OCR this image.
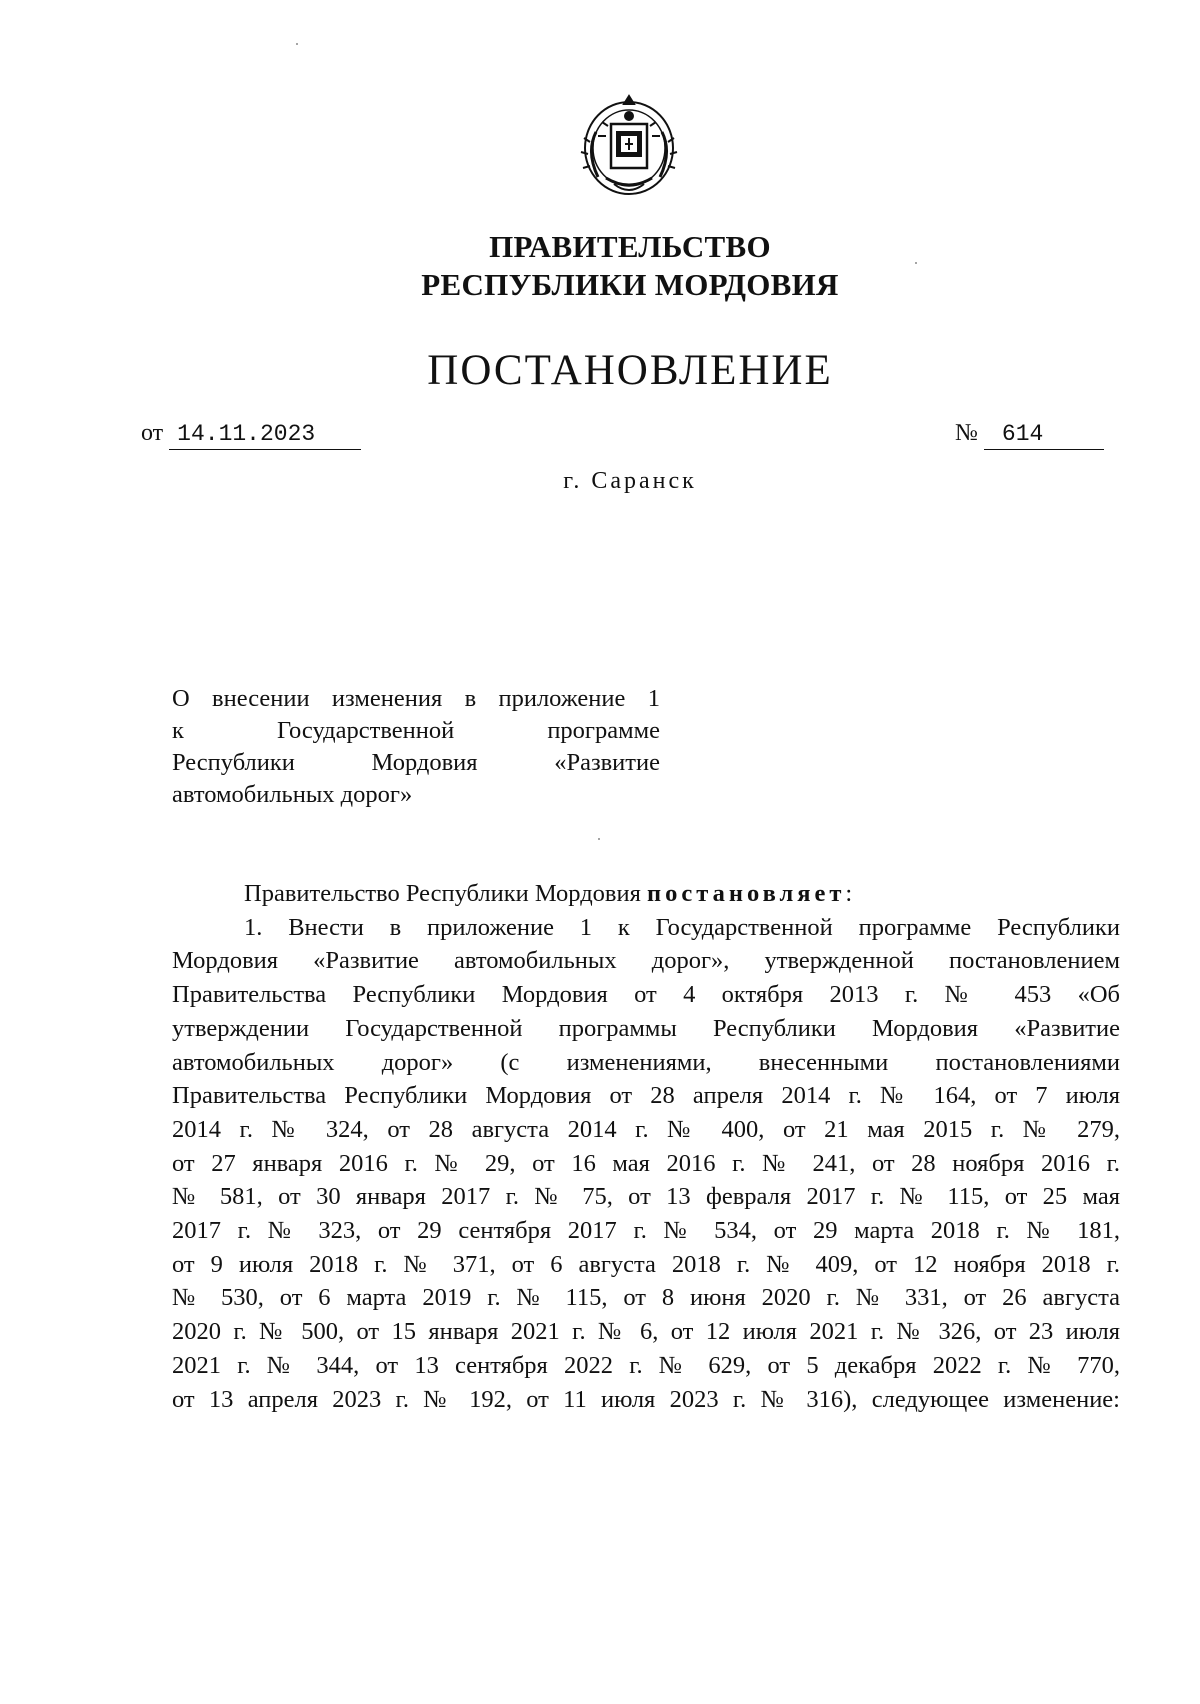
ПРАВИТЕЛЬСТВО
РЕСПУБЛИКИ МОРДОВИЯ
ПОСТАНОВЛЕНИЕ
от 14.11.2023	№ 614
г. Саранск
О внесении изменения в приложение 1
к Государственной программе
Республики Мордовия «Развитие
автомобильных дорог»
Правительство Республики Мордовия постановляет:
1. Внести в приложение 1 к Государственной программе Республики
Мордовия «Развитие автомобильных дорог», утвержденной постановлением
Правительства Республики Мордовия от 4 октября 2013 г. № 453 «Об
утверждении Государственной программы Республики Мордовия «Развитие
автомобильных дорог» (с изменениями, внесенными постановлениями
Правительства Республики Мордовия от 28 апреля 2014 г. № 164, от 7 июля
2014 г. № 324, от 28 августа 2014 г. № 400, от 21 мая 2015 г. № 279,
от 27 января 2016 г. № 29, от 16 мая 2016 г. № 241, от 28 ноября 2016 г.
№ 581, от 30 января 2017 г. № 75, от 13 февраля 2017 г. № 115, от 25 мая
2017 г. № 323, от 29 сентября 2017 г. № 534, от 29 марта 2018 г. № 181,
от 9 июля 2018 г. № 371, от 6 августа 2018 г. № 409, от 12 ноября 2018 г.
№ 530, от 6 марта 2019 г. № 115, от 8 июня 2020 г. № 331, от 26 августа
2020 г. № 500, от 15 января 2021 г. № 6, от 12 июля 2021 г. № 326, от 23 июля
2021 г. № 344, от 13 сентября 2022 г. № 629, от 5 декабря 2022 г. № 770,
от 13 апреля 2023 г. № 192, от 11 июля 2023 г. № 316), следующее изменение:
